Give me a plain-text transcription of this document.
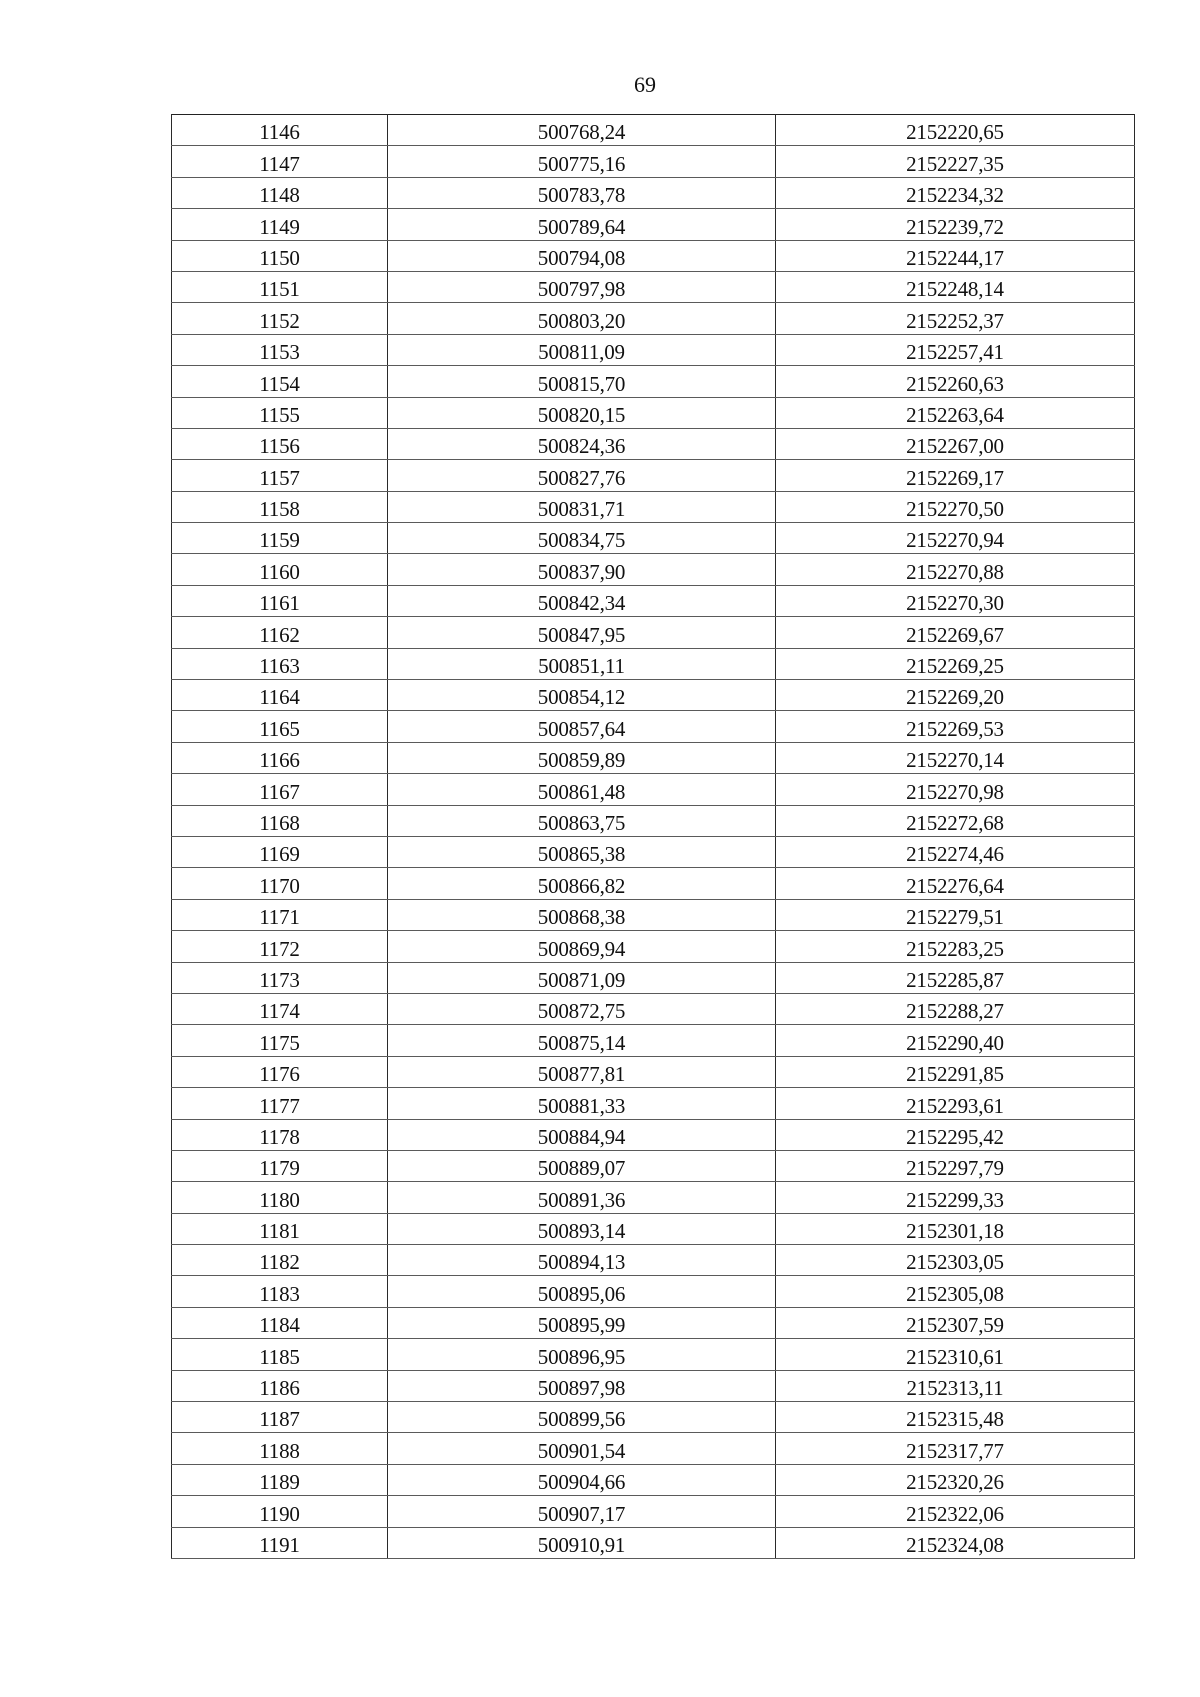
69
1146	500768,24	2152220,65
1147	500775,16	2152227,35
1148	500783,78	2152234,32
1149	500789,64	2152239,72
1150	500794,08	2152244,17
1151	500797,98	2152248,14
1152	500803,20	2152252,37
1153	500811,09	2152257,41
1154	500815,70	2152260,63
1155	500820,15	2152263,64
1156	500824,36	2152267,00
1157	500827,76	2152269,17
1158	500831,71	2152270,50
1159	500834,75	2152270,94
1160	500837,90	2152270,88
1161	500842,34	2152270,30
1162	500847,95	2152269,67
1163	500851,11	2152269,25
1164	500854,12	2152269,20
1165	500857,64	2152269,53
1166	500859,89	2152270,14
1167	500861,48	2152270,98
1168	500863,75	2152272,68
1169	500865,38	2152274,46
1170	500866,82	2152276,64
1171	500868,38	2152279,51
1172	500869,94	2152283,25
1173	500871,09	2152285,87
1174	500872,75	2152288,27
1175	500875,14	2152290,40
1176	500877,81	2152291,85
1177	500881,33	2152293,61
1178	500884,94	2152295,42
1179	500889,07	2152297,79
1180	500891,36	2152299,33
1181	500893,14	2152301,18
1182	500894,13	2152303,05
1183	500895,06	2152305,08
1184	500895,99	2152307,59
1185	500896,95	2152310,61
1186	500897,98	2152313,11
1187	500899,56	2152315,48
1188	500901,54	2152317,77
1189	500904,66	2152320,26
1190	500907,17	2152322,06
1191	500910,91	2152324,08
